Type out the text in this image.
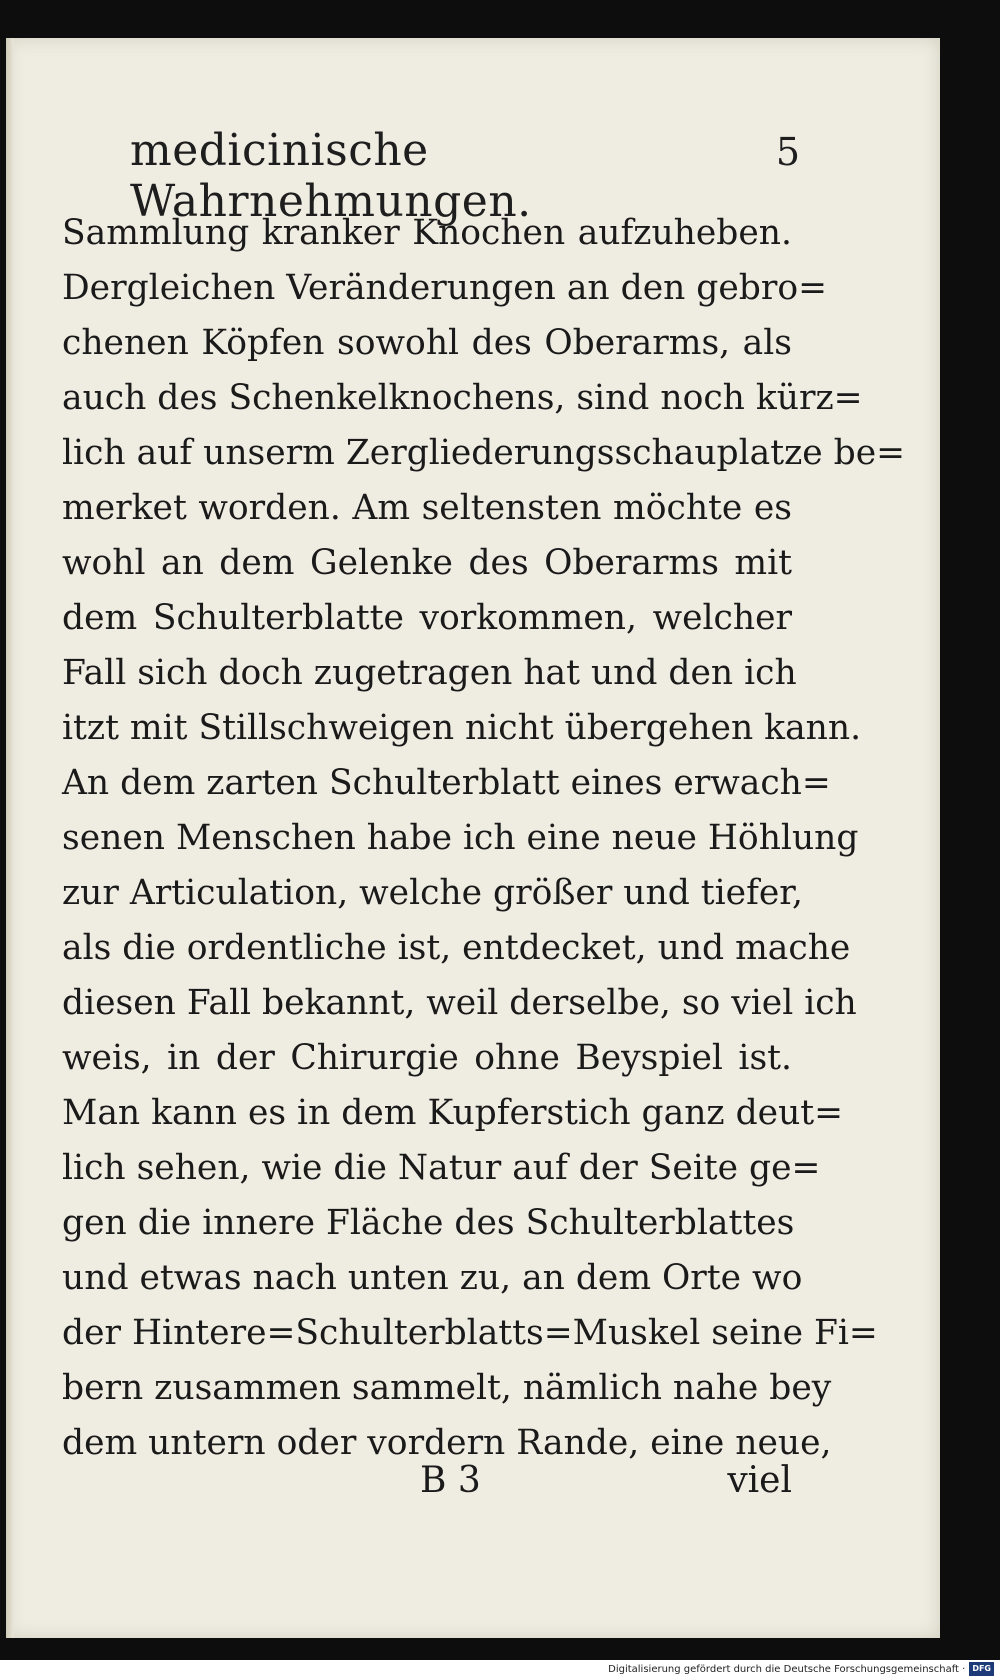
medicinische Wahrnehmungen.
5
Sammlung kranker Knochen aufzuheben.
Dergleichen Veränderungen an den gebro=
chenen Köpfen sowohl des Oberarms, als
auch des Schenkelknochens, sind noch kürz=
lich auf unserm Zergliederungsschauplatze be=
merket worden. Am seltensten möchte es
wohl an dem Gelenke des Oberarms mit
dem Schulterblatte vorkommen, welcher
Fall sich doch zugetragen hat und den ich
itzt mit Stillschweigen nicht übergehen kann.
An dem zarten Schulterblatt eines erwach=
senen Menschen habe ich eine neue Höhlung
zur Articulation, welche größer und tiefer,
als die ordentliche ist, entdecket, und mache
diesen Fall bekannt, weil derselbe, so viel ich
weis, in der Chirurgie ohne Beyspiel ist.
Man kann es in dem Kupferstich ganz deut=
lich sehen, wie die Natur auf der Seite ge=
gen die innere Fläche des Schulterblattes
und etwas nach unten zu, an dem Orte wo
der Hintere=Schulterblatts=Muskel seine Fi=
bern zusammen sammelt, nämlich nahe bey
dem untern oder vordern Rande, eine neue,
B 3	viel
Digitalisierung gefördert durch die Deutsche Forschungsgemeinschaft · DFG
